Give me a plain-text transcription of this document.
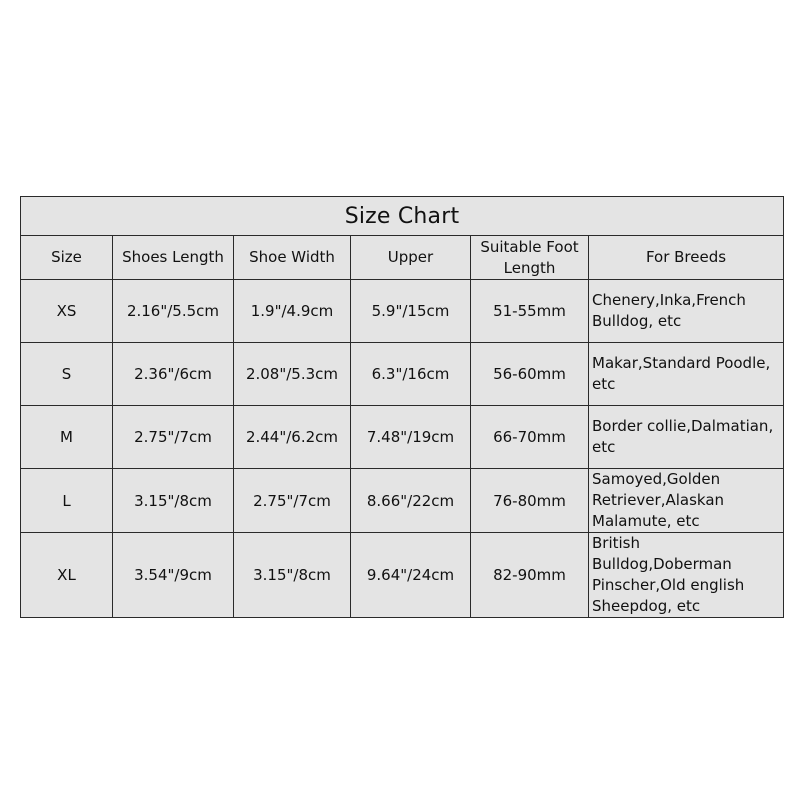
Size Chart					
Size	Shoes Length	Shoe Width	Upper	Suitable Foot Length	For Breeds
XS	2.16"/5.5cm	1.9"/4.9cm	5.9"/15cm	51-55mm	Chenery,Inka,French Bulldog, etc
S	2.36"/6cm	2.08"/5.3cm	6.3"/16cm	56-60mm	Makar,Standard Poodle, etc
M	2.75"/7cm	2.44"/6.2cm	7.48"/19cm	66-70mm	Border collie,Dalmatian, etc
L	3.15"/8cm	2.75"/7cm	8.66"/22cm	76-80mm	Samoyed,Golden Retriever,Alaskan Malamute, etc
XL	3.54"/9cm	3.15"/8cm	9.64"/24cm	82-90mm	British Bulldog,Doberman Pinscher,Old english Sheepdog, etc
